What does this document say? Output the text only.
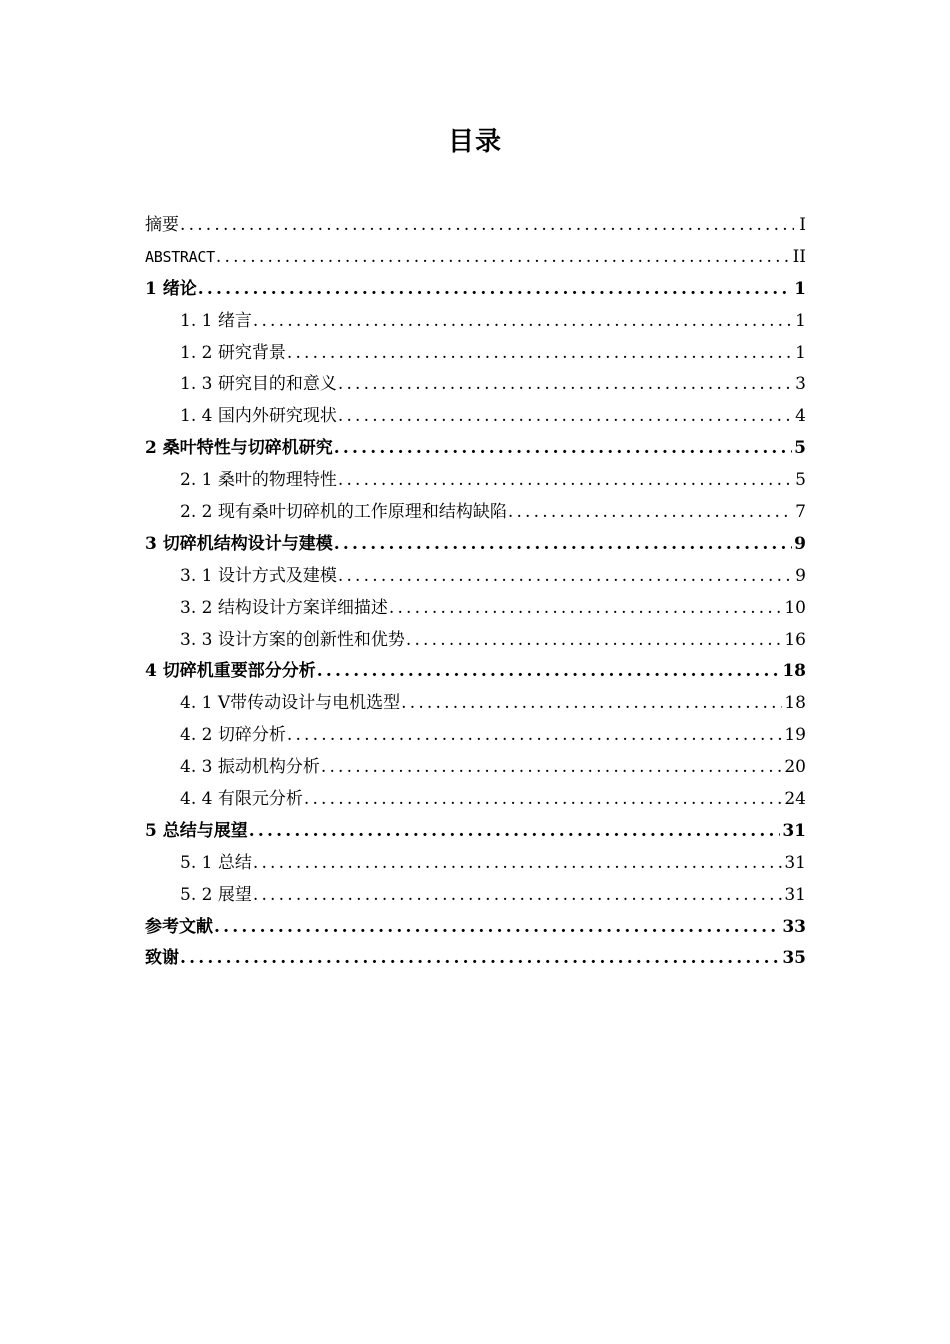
目录
摘要 .....	I
ABSTRACT .....	II
1 绪论 .....	1
1. 1 绪言 .....	1
1. 2 研究背景 .....	1
1. 3 研究目的和意义 .....	3
1. 4 国内外研究现状 .....	4
2 桑叶特性与切碎机研究 .....	5
2. 1 桑叶的物理特性 .....	5
2. 2 现有桑叶切碎机的工作原理和结构缺陷 .....	7
3 切碎机结构设计与建模 .....	9
3. 1 设计方式及建模 .....	9
3. 2 结构设计方案详细描述 .....	10
3. 3 设计方案的创新性和优势 .....	16
4 切碎机重要部分分析 .....	18
4. 1 V带传动设计与电机选型 .....	18
4. 2 切碎分析 .....	19
4. 3 振动机构分析 .....	20
4. 4 有限元分析 .....	24
5 总结与展望 .....	31
5. 1 总结 .....	31
5. 2 展望 .....	31
参考文献 .....	33
致谢 .....	35
